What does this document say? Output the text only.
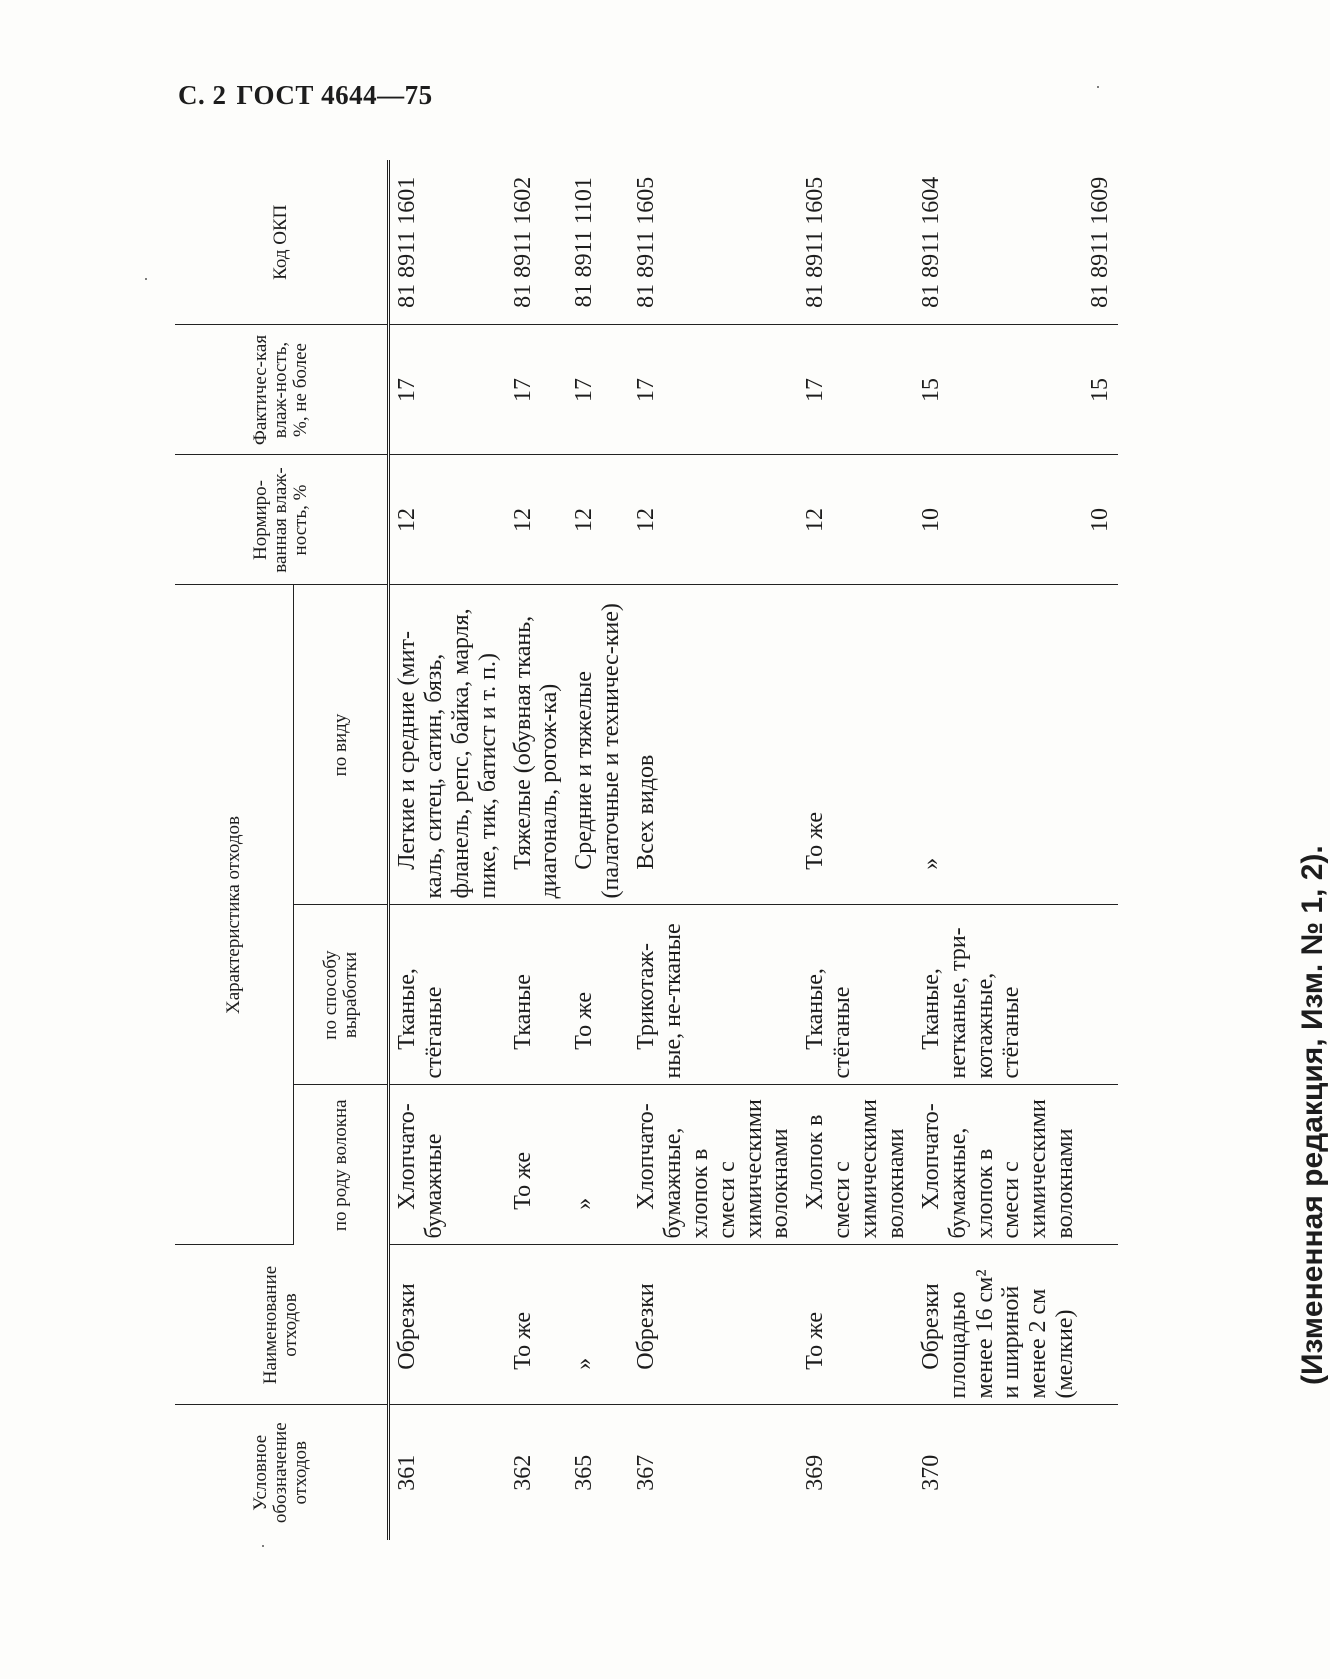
С. 2 ГОСТ 4644—75
Условное обозначение отходов	Наименование отходов	Характеристика отходов			Нормиро-ванная влаж-ность, %	Фактичес-кая влаж-ность, %, не более	Код ОКП
		по роду волокна	по способу выработки	по виду			
361	Обрезки	Хлопчато-бумажные	Тканые, стёганые	Легкие и средние (мит-каль, ситец, сатин, бязь, фланель, репс, байка, марля, пике, тик, батист и т. п.)	12	17	81 8911 1601
362	То же	То же	Тканые	Тяжелые (обувная ткань, диагональ, рогож-ка)	12	17	81 8911 1602
365	»	»	То же	Средние и тяжелые (палаточные и техничес-кие)	12	17	81 8911 1101
367	Обрезки	Хлопчато-бумажные, хлопок в смеси с химическими волокнами	Трикотаж-ные, не-тканые	Всех видов	12	17	81 8911 1605
369	То же	Хлопок в смеси с химическими волокнами	Тканые, стёганые	То же	12	17	81 8911 1605
370	Обрезки площадью менее 16 см² и шириной менее 2 см (мелкие)	Хлопчато-бумажные, хлопок в смеси с химическими волокнами	Тканые, нетканые, три-котажные, стёганые	»	10	15	81 8911 1604
					10	15	81 8911 1609
(Измененная редакция, Изм. № 1, 2).
